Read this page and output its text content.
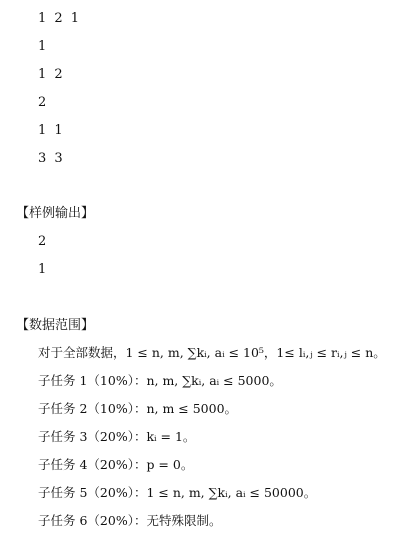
1 2 1
1
1 2
2
1 1
3 3
【样例输出】
2
1
【数据范围】
对于全部数据，1 ≤ n, m, ∑kᵢ, aᵢ ≤ 10⁵，1≤ lᵢ,ⱼ ≤ rᵢ,ⱼ ≤ n。
子任务 1（10%）：n, m, ∑kᵢ, aᵢ ≤ 5000。
子任务 2（10%）：n, m ≤ 5000。
子任务 3（20%）：kᵢ = 1。
子任务 4（20%）：p = 0。
子任务 5（20%）：1 ≤ n, m, ∑kᵢ, aᵢ ≤ 50000。
子任务 6（20%）：无特殊限制。
